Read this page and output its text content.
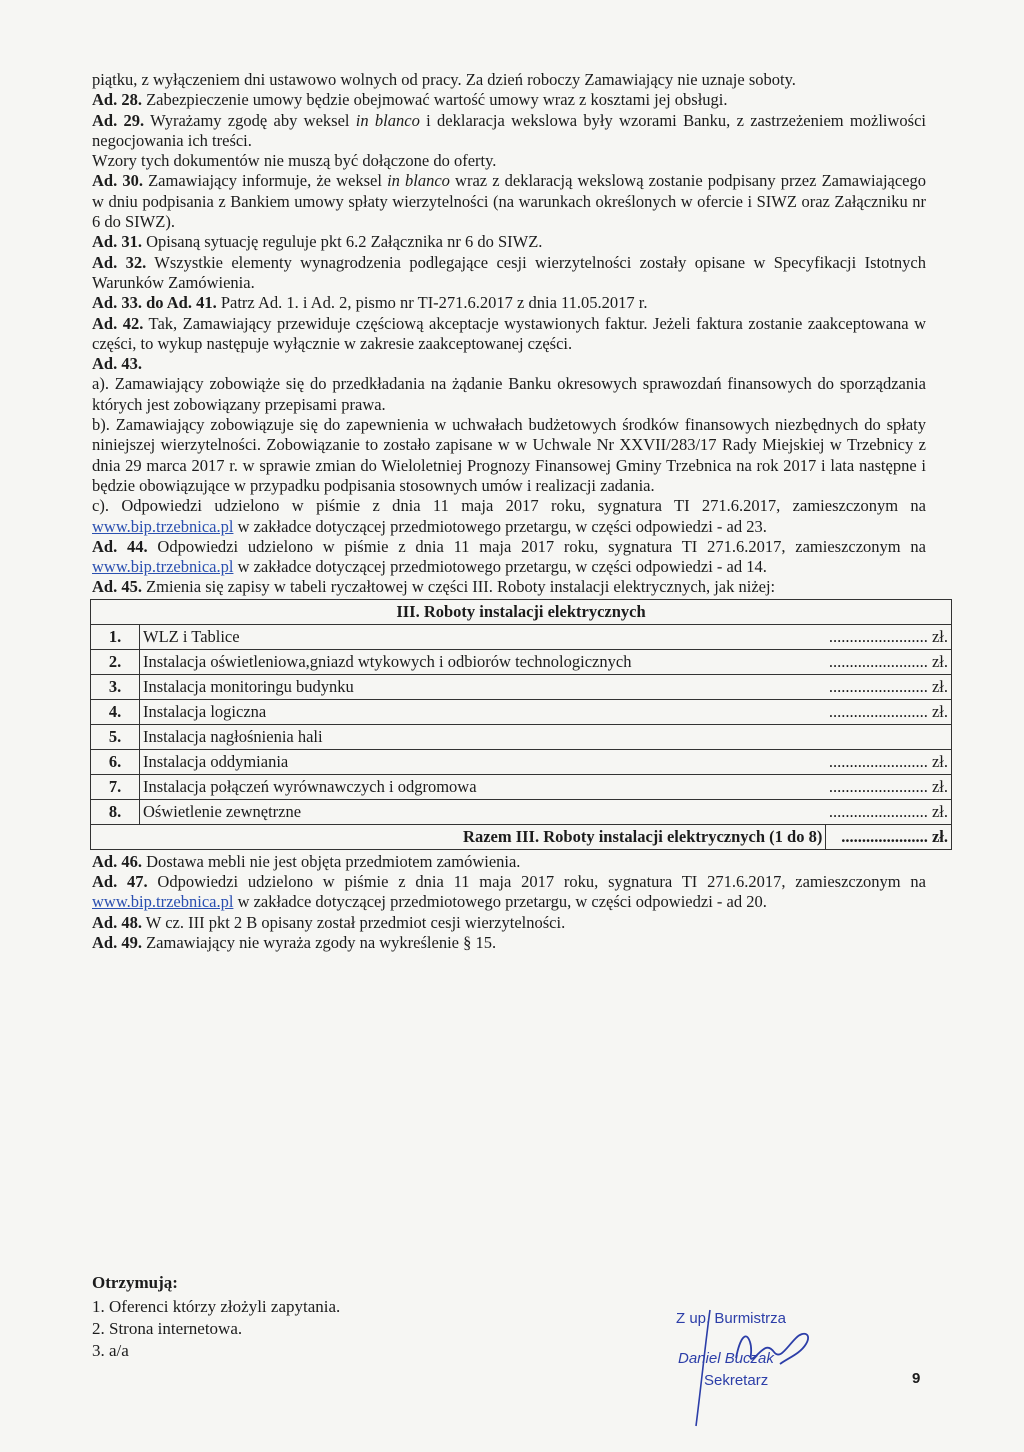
piątku, z wyłączeniem dni ustawowo wolnych od pracy. Za dzień roboczy Zamawiający nie uznaje soboty.

Ad. 28. Zabezpieczenie umowy będzie obejmować wartość umowy wraz z kosztami jej obsługi.

Ad. 29. Wyrażamy zgodę aby weksel in blanco i deklaracja wekslowa były wzorami Banku, z zastrzeżeniem możliwości negocjowania ich treści.

Wzory tych dokumentów nie muszą być dołączone do oferty.

Ad. 30. Zamawiający informuje, że weksel in blanco wraz z deklaracją wekslową zostanie podpisany przez Zamawiającego w dniu podpisania z Bankiem umowy spłaty wierzytelności (na warunkach określonych w ofercie i SIWZ oraz Załączniku nr 6 do SIWZ).

Ad. 31. Opisaną sytuację reguluje pkt 6.2 Załącznika nr 6 do SIWZ.

Ad. 32. Wszystkie elementy wynagrodzenia podlegające cesji wierzytelności zostały opisane w Specyfikacji Istotnych Warunków Zamówienia.

Ad. 33. do Ad. 41. Patrz Ad. 1. i Ad. 2, pismo nr TI-271.6.2017 z dnia 11.05.2017 r.

Ad. 42. Tak, Zamawiający przewiduje częściową akceptacje wystawionych faktur. Jeżeli faktura zostanie zaakceptowana w części, to wykup następuje wyłącznie w zakresie zaakceptowanej części.

Ad. 43.

a). Zamawiający zobowiąże się do przedkładania na żądanie Banku okresowych sprawozdań finansowych do sporządzania których jest zobowiązany przepisami prawa.

b). Zamawiający zobowiązuje się do zapewnienia w uchwałach budżetowych środków finansowych niezbędnych do spłaty niniejszej wierzytelności. Zobowiązanie to zostało zapisane w w Uchwale Nr XXVII/283/17 Rady Miejskiej w Trzebnicy z dnia 29 marca 2017 r. w sprawie zmian do Wieloletniej Prognozy Finansowej Gminy Trzebnica na rok 2017 i lata następne i będzie obowiązujące w przypadku podpisania stosownych umów i realizacji zadania.

c). Odpowiedzi udzielono w piśmie z dnia 11 maja 2017 roku, sygnatura TI 271.6.2017, zamieszczonym na www.bip.trzebnica.pl w zakładce dotyczącej przedmiotowego przetargu, w części odpowiedzi - ad 23.

Ad. 44. Odpowiedzi udzielono w piśmie z dnia 11 maja 2017 roku, sygnatura TI 271.6.2017, zamieszczonym na www.bip.trzebnica.pl w zakładce dotyczącej przedmiotowego przetargu, w części odpowiedzi - ad 14.

Ad. 45. Zmienia się zapisy w tabeli ryczałtowej w części III. Roboty instalacji elektrycznych, jak niżej:

III. Roboty instalacji elektrycznych		
1.	WLZ i Tablice	........................ zł.
2.	Instalacja oświetleniowa,gniazd wtykowych i odbiorów technologicznych	........................ zł.
3.	Instalacja monitoringu budynku	........................ zł.
4.	Instalacja logiczna	........................ zł.
5.	Instalacja nagłośnienia hali	
6.	Instalacja oddymiania	........................ zł.
7.	Instalacja połączeń wyrównawczych i odgromowa	........................ zł.
8.	Oświetlenie zewnętrzne	........................ zł.
Razem III. Roboty instalacji elektrycznych (1 do 8)		..................... zł.

Ad. 46. Dostawa mebli nie jest objęta przedmiotem zamówienia.

Ad. 47. Odpowiedzi udzielono w piśmie z dnia 11 maja 2017 roku, sygnatura TI 271.6.2017, zamieszczonym na www.bip.trzebnica.pl w zakładce dotyczącej przedmiotowego przetargu, w części odpowiedzi - ad 20.

Ad. 48. W cz. III pkt 2 B opisany został przedmiot cesji wierzytelności.

Ad. 49. Zamawiający nie wyraża zgody na wykreślenie § 15.

Otrzymują:
1. Oferenci którzy złożyli zapytania.
2. Strona internetowa.
3. a/a
Z up. Burmistrza
Daniel Buczak
Sekretarz	9
